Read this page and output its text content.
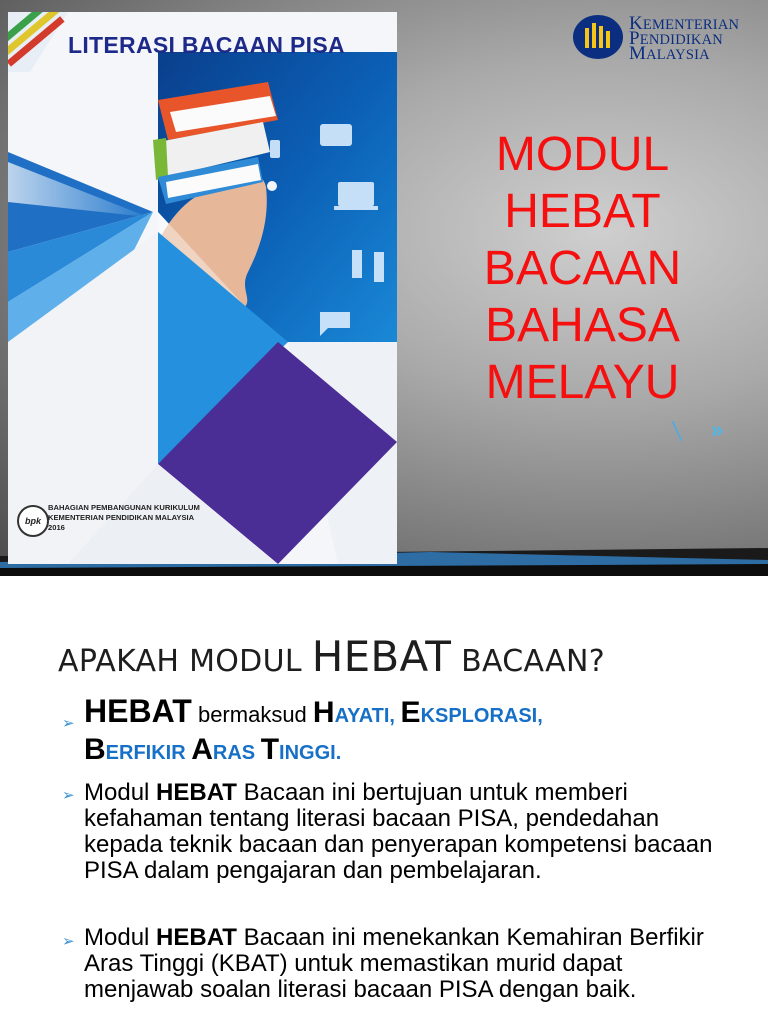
LITERASI BACAAN PISA
bpk
BAHAGIAN PEMBANGUNAN KURIKULUM
KEMENTERIAN PENDIDIKAN MALAYSIA
2016
KEMENTERIAN
PENDIDIKAN
MALAYSIA
MODUL
HEBAT
BACAAN
BAHASA
MELAYU
»
APAKAH MODUL HEBAT BACAAN?
➢ HEBAT bermaksud HAYATI, EKSPLORASI,
BERFIKIR ARAS TINGGI.
➢ Modul HEBAT Bacaan ini bertujuan untuk memberi kefahaman tentang literasi bacaan PISA, pendedahan kepada teknik bacaan dan penyerapan kompetensi bacaan PISA dalam pengajaran dan pembelajaran.
➢ Modul HEBAT Bacaan ini menekankan Kemahiran Berfikir Aras Tinggi (KBAT) untuk memastikan murid dapat menjawab soalan literasi bacaan PISA dengan baik.
